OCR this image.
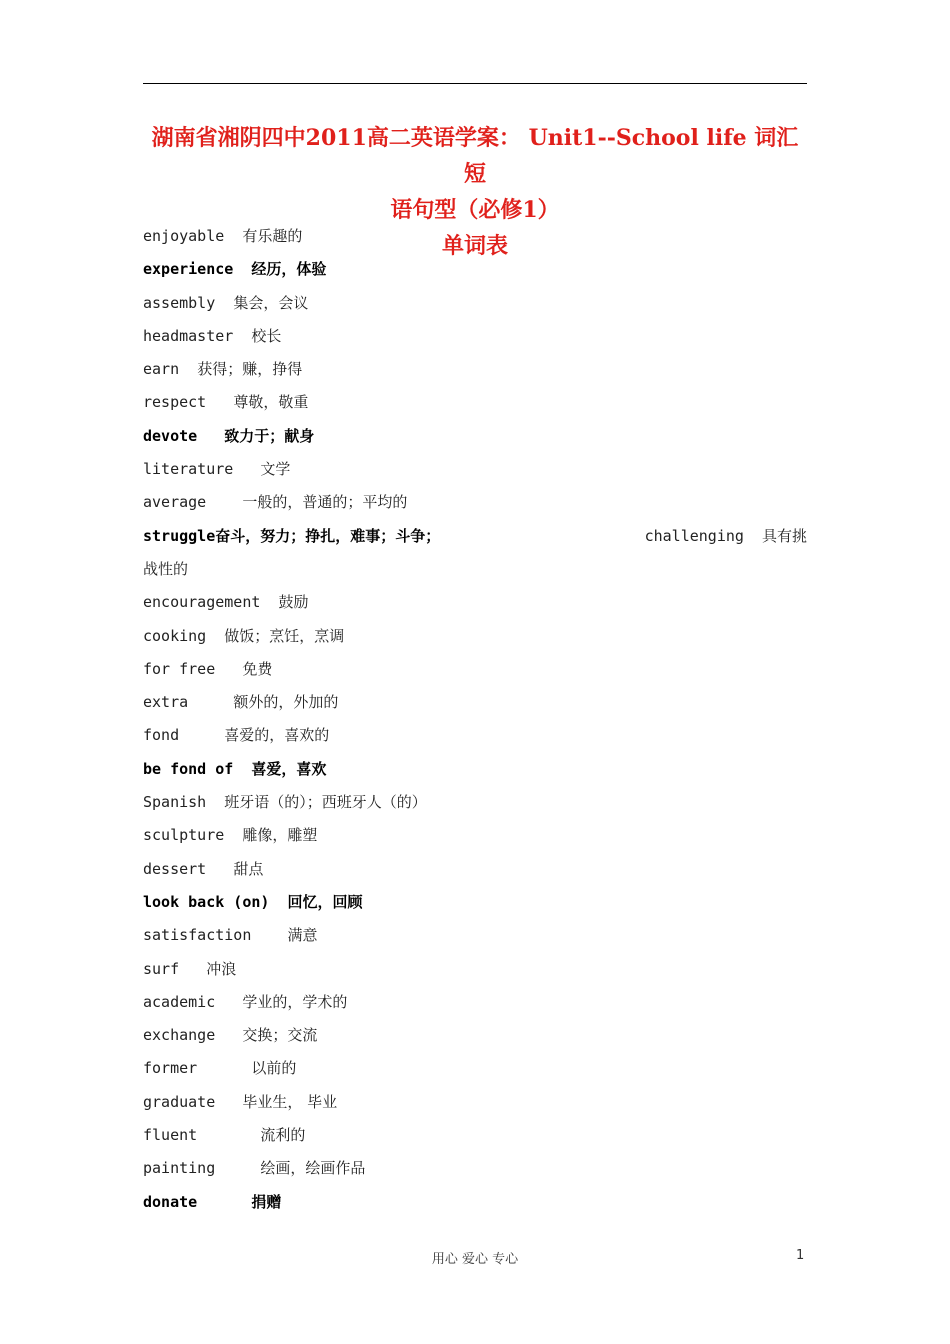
湖南省湘阴四中2011高二英语学案： Unit1--School life 词汇短
语句型（必修1）
单词表
enjoyable 有乐趣的
experience 经历，体验
assembly 集会，会议
headmaster 校长
earn 获得；赚，挣得
respect 尊敬，敬重
devote 致力于；献身
literature 文学
average 一般的，普通的；平均的
struggle奋斗，努力；挣扎，难事；斗争；	challenging 具有挑
战性的
encouragement 鼓励
cooking 做饭；烹饪，烹调
for free 免费
extra	额外的，外加的
fond	喜爱的，喜欢的
be fond of 喜爱，喜欢
Spanish 班牙语（的）；西班牙人（的）
sculpture 雕像，雕塑
dessert 甜点
look back (on) 回忆，回顾
satisfaction 满意
surf 冲浪
academic 学业的，学术的
exchange 交换；交流
former	以前的
graduate 毕业生， 毕业
fluent	流利的
painting	绘画，绘画作品
donate	捐赠
用心 爱心 专心	1
